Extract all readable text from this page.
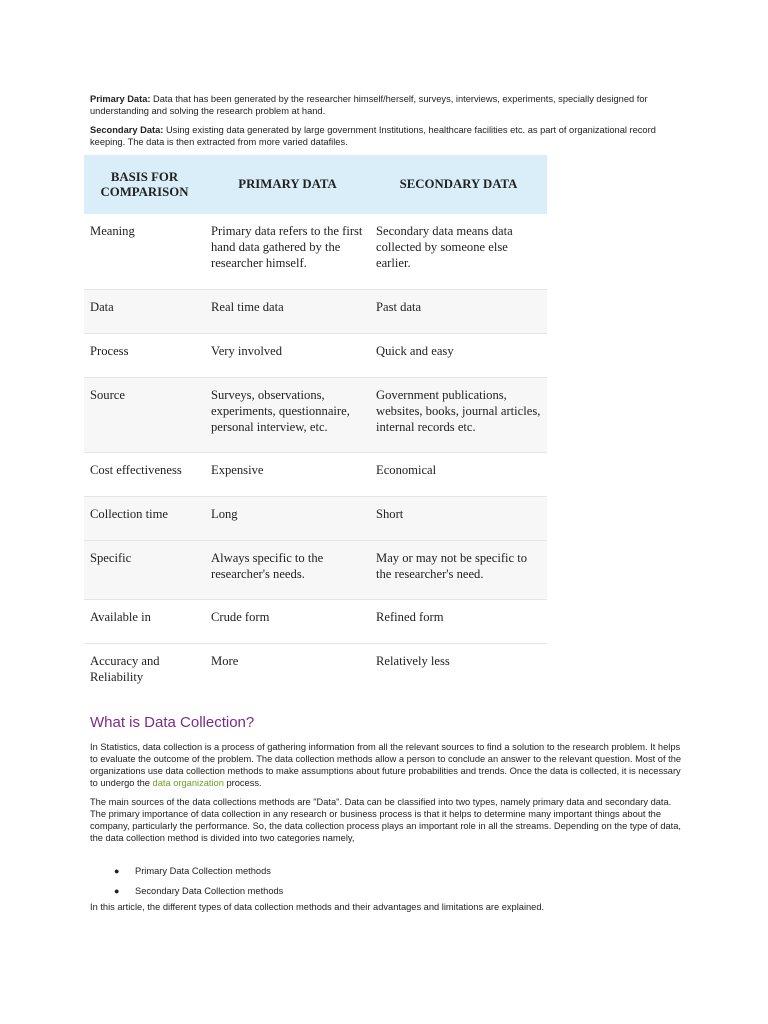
Primary Data: Data that has been generated by the researcher himself/herself, surveys, interviews, experiments, specially designed for understanding and solving the research problem at hand.

Secondary Data: Using existing data generated by large government Institutions, healthcare facilities etc. as part of organizational record keeping. The data is then extracted from more varied datafiles.

BASIS FOR COMPARISON	PRIMARY DATA	SECONDARY DATA
Meaning	Primary data refers to the first hand data gathered by the researcher himself.	Secondary data means data collected by someone else earlier.
Data	Real time data	Past data
Process	Very involved	Quick and easy
Source	Surveys, observations, experiments, questionnaire, personal interview, etc.	Government publications, websites, books, journal articles, internal records etc.
Cost effectiveness	Expensive	Economical
Collection time	Long	Short
Specific	Always specific to the researcher's needs.	May or may not be specific to the researcher's need.
Available in	Crude form	Refined form
Accuracy and Reliability	More	Relatively less
What is Data Collection?

In Statistics, data collection is a process of gathering information from all the relevant sources to find a solution to the research problem. It helps to evaluate the outcome of the problem. The data collection methods allow a person to conclude an answer to the relevant question. Most of the organizations use data collection methods to make assumptions about future probabilities and trends. Once the data is collected, it is necessary to undergo the data organization process.

The main sources of the data collections methods are "Data". Data can be classified into two types, namely primary data and secondary data. The primary importance of data collection in any research or business process is that it helps to determine many important things about the company, particularly the performance. So, the data collection process plays an important role in all the streams. Depending on the type of data, the data collection method is divided into two categories namely,

● Primary Data Collection methods
● Secondary Data Collection methods

In this article, the different types of data collection methods and their advantages and limitations are explained.
